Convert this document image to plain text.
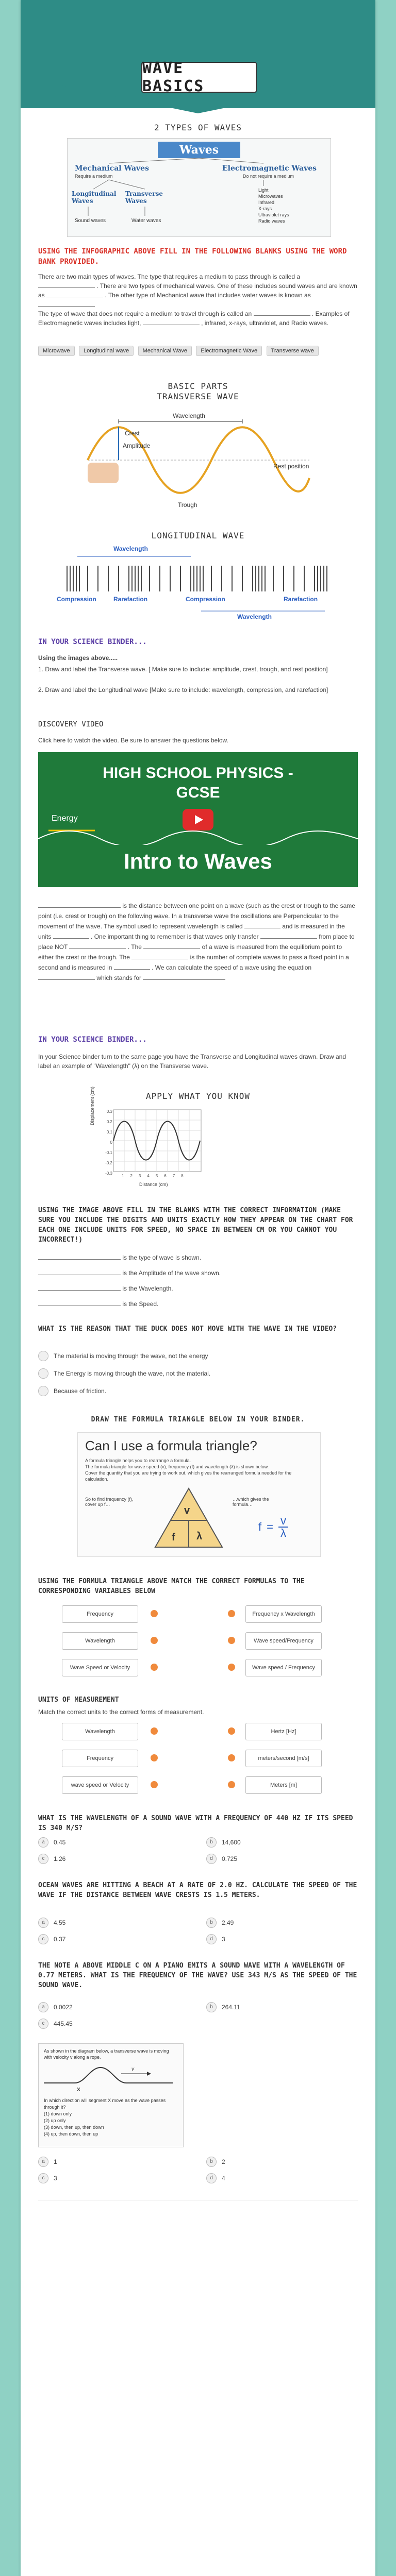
WAVE BASICS
2 TYPES OF WAVES
Waves
Mechanical Waves
Require a medium
Electromagnetic Waves
Do not require a medium
Longitudinal Waves
Transverse Waves
Sound waves	Water waves
Light
Microwaves
Infrared
X-rays
Ultraviolet rays
Radio waves
USING THE INFOGRAPHIC ABOVE FILL IN THE FOLLOWING BLANKS USING THE WORD BANK PROVIDED.
There are two main types of waves. The type that requires a medium to pass through is called a  . There are two types of mechanical waves. One of these includes sound waves and are known as	. The other type of Mechanical wave that includes water waves is known as
The type of wave that does not require a medium to travel through is called an	. Examples of Electromagnetic waves includes light,	, infrared, x-rays, ultraviolet, and Radio waves.
Microwave Longitudinal wave Mechanical Wave Electromagnetic Wave Transverse wave
BASIC PARTS
TRANSVERSE WAVE
Wavelength
Crest
Amplitude
Rest position
Trough
LONGITUDINAL WAVE
Wavelength
Compression	Rarefaction	Compression	Rarefaction
Wavelength
IN YOUR SCIENCE BINDER...
Using the images above.....
1. Draw and label the Transverse wave. [ Make sure to include: amplitude, crest, trough, and rest position]
2. Draw and label the Longitudinal wave [Make sure to include: wavelength, compression, and rarefaction]
DISCOVERY VIDEO
Click here to watch the video. Be sure to answer the questions below.
HIGH SCHOOL PHYSICS -
GCSE
Energy
Intro to Waves
is the distance between one point on a wave (such as the crest or trough to the same point (i.e. crest or trough) on the following wave. In a transverse wave the oscillations are Perpendicular to the movement of the wave. The symbol used to represent wavelength is called	and is measured in the units	. One important thing to remember is that waves only transfer	from place to place NOT	. The	of a wave is measured from the equilibrium point to either the crest or the trough. The	is the number of complete waves to pass a fixed point in a second and is measured in	. We can calculate the speed of a wave using the equation  which stands for
IN YOUR SCIENCE BINDER...
In your Science binder turn to the same page you have the Transverse and Longitudinal waves drawn. Draw and label an example of "Wavelength" (λ) on the Transverse wave.
APPLY WHAT YOU KNOW
Displacement (cm)
Distance (cm)
0.3
0.2
0.1
0
-0.1
-0.2
-0.3
1 2 3 4 5 6 7 8
USING THE IMAGE ABOVE FILL IN THE BLANKS WITH THE CORRECT INFORMATION (MAKE SURE YOU INCLUDE THE DIGITS AND UNITS EXACTLY HOW THEY APPEAR ON THE CHART FOR EACH ONE INCLUDE UNITS FOR SPEED, NO SPACE IN BETWEEN CM OR YOU CANNOT YOU INCORRECT!)
is the type of wave is shown.
is the Amplitude of the wave shown.
is the Wavelength.
is the Speed.
WHAT IS THE REASON THAT THE DUCK DOES NOT MOVE WITH THE WAVE IN THE VIDEO?
The material is moving through the wave, not the energy
The Energy is moving through the wave, not the material.
Because of friction.
DRAW THE FORMULA TRIANGLE BELOW IN YOUR BINDER.
Can I use a formula triangle?
A formula triangle helps you to rearrange a formula.
The formula triangle for wave speed (v), frequency (f) and wavelength (λ) is shown below.
Cover the quantity that you are trying to work out, which gives the rearranged formula needed for the calculation.
So to find frequency (f), cover up f…
…which gives the formula…
v
f λ
$f = \frac{v}{\lambda}$
USING THE FORMULA TRIANGLE ABOVE MATCH THE CORRECT FORMULAS TO THE CORRESPONDING VARIABLES BELOW
Frequency	Frequency x Wavelength
Wavelength	Wave speed/Frequency
Wave Speed or Velocity	Wave speed / Frequency
UNITS OF MEASUREMENT
Match the correct units to the correct forms of measurement.
Wavelength	Hertz [Hz]
Frequency	meters/second [m/s]
wave speed or Velocity	Meters [m]
WHAT IS THE WAVELENGTH OF A SOUND WAVE WITH A FREQUENCY OF 440 HZ IF ITS SPEED IS 340 M/S?
a	0.45	b	14,600
c	1.26	d	0.725
OCEAN WAVES ARE HITTING A BEACH AT A RATE OF 2.0 HZ. CALCULATE THE SPEED OF THE WAVE IF THE DISTANCE BETWEEN WAVE CRESTS IS 1.5 METERS.
a	4.55	b	2.49
c	0.37	d	3
THE NOTE A ABOVE MIDDLE C ON A PIANO EMITS A SOUND WAVE WITH A WAVELENGTH OF 0.77 METERS. WHAT IS THE FREQUENCY OF THE WAVE? USE 343 M/S AS THE SPEED OF THE SOUND WAVE.
a	0.0022	b	264.11
c	445.45
As shown in the diagram below, a transverse wave is moving with velocity v along a rope.
X
v
In which direction will segment X move as the wave passes through it?
(1) down only
(2) up only
(3) down, then up, then down
(4) up, then down, then up
a	1	b	2
c	3	d	4
